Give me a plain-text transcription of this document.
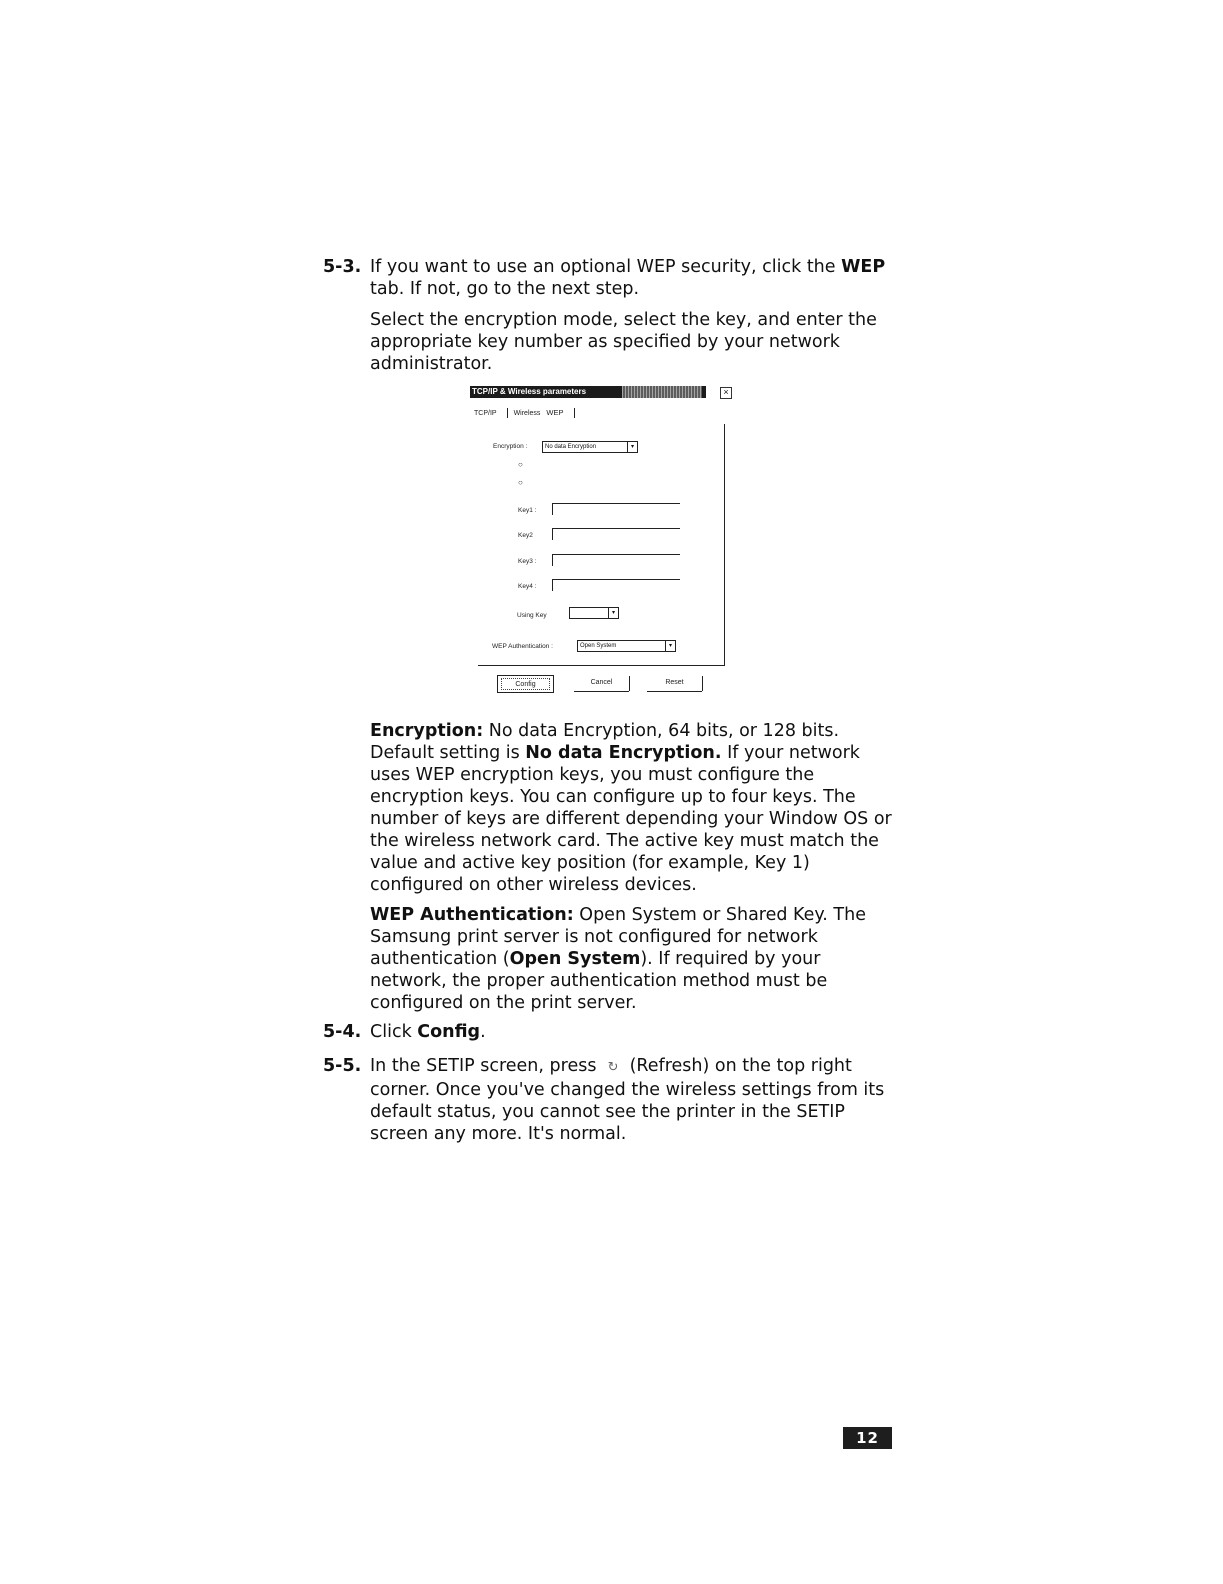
5-3. If you want to use an optional WEP security, click the WEP tab. If not, go to the next step.

Select the encryption mode, select the key, and enter the appropriate key number as specified by your network administrator.

TCP/IP & Wireless parameters	×
TCP/IP Wireless WEP
Encryption :	No data Encryption	▾
○
○
Key1 :
Key2
Key3 :
Key4 :
Using Key	▾
WEP Authentication :	Open System	▾
Config	Cancel	Reset

Encryption: No data Encryption, 64 bits, or 128 bits. Default setting is No data Encryption. If your network uses WEP encryption keys, you must configure the encryption keys. You can configure up to four keys. The number of keys are different depending your Window OS or the wireless network card. The active key must match the value and active key position (for example, Key 1) configured on other wireless devices.

WEP Authentication: Open System or Shared Key. The Samsung print server is not configured for network authentication (Open System). If required by your network, the proper authentication method must be configured on the print server.

5-4. Click Config.

5-5. In the SETIP screen, press ↻ (Refresh) on the top right corner. Once you've changed the wireless settings from its default status, you cannot see the printer in the SETIP screen any more. It's normal.

12
